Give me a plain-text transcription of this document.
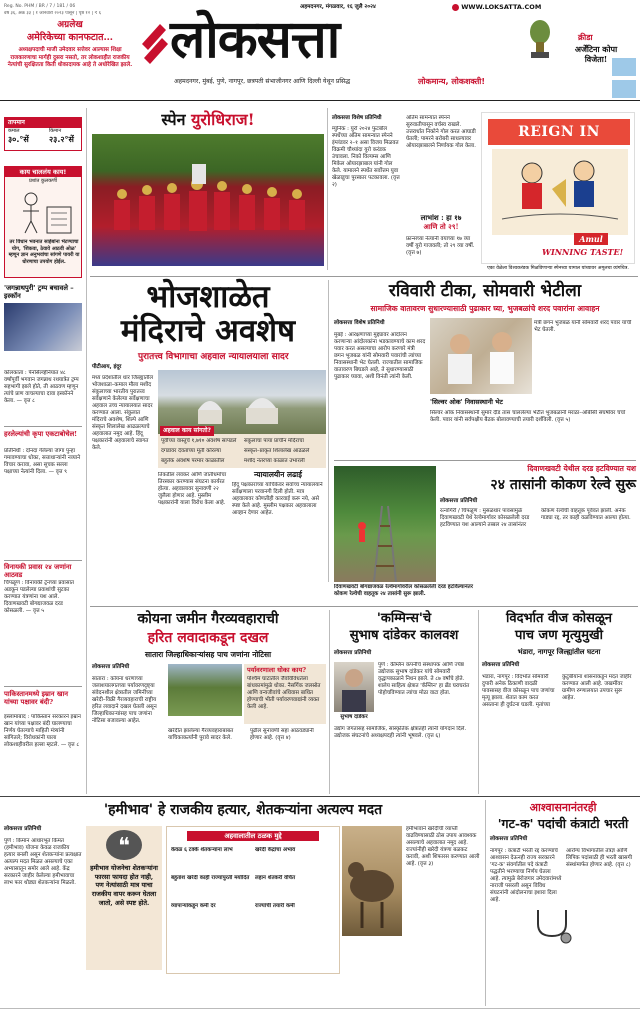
Reg. No. PHM / BR / 7 / 181 / 06
वर्ष ३६, अंक ३३ | १ जानेवारी २०२३ पासून | पृष्ठे १२ | ₹ ६
अग्रलेख
अमेरिकेच्या कानफटात…
अध्यक्षपदाची माजी उमेदवार सत्तेवर आल्यास शिक्षा राजकारणाचा मार्गही दुसरा नसतो, तर लोकशाहीत राजकीय नेत्यांची सुरक्षितता किती धोकादायक आहे ते अधोरेखित झाले.
अहमदनगर, मंगळवार, १६ जुलै २०२४	WWW.LOKSATTA.COM
लोकसत्ता
अहमदनगर, मुंबई, पुणे, नागपूर, छत्रपती संभाजीनगर आणि दिल्ली येथून प्रसिद्ध	लोकमान्य, लोकशक्ती!
क्रीडा
अर्जेंटिना कोपा विजेता!
तापमान
कमाल
३०.°सें
किमान
२३.२°सें
काय चाललंय काय!
प्रशांत कुलकर्णी
तर विधान भवनात साहेबांना भेटण्याचा योग, 'शिकवा, ठेवावे आठवी ओळ' म्हणून ज्ञान अनुभवांचा सांगणे पायरी या धोरणाचा उपयोग होईल.
'जगन्नाथपुरी' ट्रम्प बचावले – इस्कॉन
कोलकाता : पेनसिल्व्हेनियात ४८ वर्षांपूर्वी भगवान जगन्नाथ रथयात्रेत ट्रम्प सहभागी झाले होते, ती आठवण म्हणून त्यांचे प्राण वाचल्याचा दावा इस्कॉनने केला. — वृत्त ८
हरलेल्यांची कृपा एकटाबोचेल!
प्रतिनिधी : दोनदा गेलेल्या जागा पुन्हा गमावण्याचा धोका, सत्ताधाऱ्यांनी नव्याने विचार करावा, असा सूचक सल्ला पक्षाच्या नेत्यांनी दिला. — वृत्त ९
विनायकी प्रवास २४ जणांना आठवड
चिपळूण : विनायकी ट्रेनच्या प्रवासात अडकून पडलेल्या प्रवाशांची सुटका करण्यात यंत्रणांना यश आले. दिवाणखवटी बोगद्याजवळ दरड कोसळली. — वृत्त ५
पाकिस्तानमध्ये इम्रान खान यांच्या पक्षावर बंदी?
इस्लामाबाद : पाकिस्तान सरकारने इम्रान खान यांच्या पक्षावर बंदी घालण्याचा निर्णय घेतल्याचे माहिती मंत्र्यांनी सांगितले; विरोधकांनी याला लोकशाहीवरील हल्ला म्हटले. — वृत्त ८
स्पेन युरोधिराज!	लोकसत्ता विशेष प्रतिनिधी
म्युनिक : युरो २०२४ फुटबॉल स्पर्धेच्या अंतिम सामन्यात स्पेनने इंग्लंडवर २–१ असा विजय मिळवत विक्रमी चौथ्यांदा युरो करंडक उंचावला. निको विल्यम्स आणि मिकेल ओयारझाबाल यांनी गोल केले. यामालने स्पर्धेत सर्वोत्तम युवा खेळाडूचा पुरस्कार पटकावला. (वृत्त २)
अंतिम सामन्यात स्पेनने सुरुवातीपासून वर्चस्व राखले. उत्तरार्धात निकोने गोल करत आघाडी घेतली; पामरने बरोबरी साधल्यावर ओयारझाबालने निर्णायक गोल केला.
लाभांश : हा १७
आणि तो २९!
फ्रान्सच्या नेत्यांनी वयाच्या १७ व्या वर्षी युरो गाजवली; तो २९ व्या वर्षी. (वृत्त ७)
REIGN IN
Amul
WINNING TASTE!
एका वेळेला विश्वकरंडक मिळविणाऱ्या स्पेनच्या यामाल यांच्यावर अमूलचा व्यंगचित्र.
भोजशाळेत
मंदिराचे अवशेष
पुरातत्त्व विभागाचा अहवाल न्यायालयाला सादर
पीटीआय, इंदूर
मध्य प्रदेशातील धार जिल्ह्यातील भोजशाळा–कमाल मौला मशीद संकुलाच्या भारतीय पुरातत्त्व सर्वेक्षणाने केलेल्या सर्वेक्षणाचा अहवाल उच्च न्यायालयात सादर करण्यात आला. संकुलात मंदिराचे अवशेष, शिल्पे आणि संस्कृत शिलालेख आढळल्याचे अहवालात नमूद आहे. हिंदू पक्षकारांनी अहवालाचे स्वागत केले.
अहवाल काय सांगतो?
पूर्वीच्या वास्तूचे १,७१० अवशेष सापडले	संकुलाचा पाया प्राचीन मंदिराचा
दगडांवर देवतांच्या मूर्ती कोरल्या	संस्कृत–प्राकृत शिलालेख आढळले
बहुतेक अवशेष परमार काळातील	मशीद नंतरच्या काळात उभारली
तिकडील लवकर आणि जातीधर्माचा तिरस्कार करण्यास संघटना कार्यरत होत्या. अहवालावर सुनावणी २२ जुलैला होणार आहे. मुस्लीम पक्षकारांनी याला विरोध केला आहे.
न्यायालयीन लढाई
हिंदू पक्षकारांच्या याचिकेवर सर्वोच्च न्यायालयाने सर्वेक्षणाला परवानगी दिली होती. मात्र अहवालावर कोणतीही कारवाई करू नये, असे स्पष्ट केले आहे. मुस्लीम पक्षकार अहवालाला आव्हान देणार आहेत.
रविवारी टीका, सोमवारी भेटीला
सामाजिक वातावरण सुधारण्यासाठी पुढाकार घ्या, भुजबळांचे शरद पवारांना आवाहन
लोकसत्ता विशेष प्रतिनिधी
मुंबई : आरक्षणाच्या मुद्द्यावर आंदोलन करणाऱ्या आंदोलकांना भडकावण्याचे काम शरद पवार करत असल्याचा आरोप करणारे मंत्री छगन भुजबळ यांनी सोमवारी पवारांची त्यांच्या निवासस्थानी भेट घेतली. राज्यातील सामाजिक वातावरण बिघडले आहे, ते सुधारण्यासाठी पुढाकार घ्यावा, अशी विनंती त्यांनी केली.
मंत्री छगन भुजबळ यांनी सोमवारी शरद पवार यांची भेट घेतली.
'सिल्वर ओक' निवासस्थानी भेट
सिल्वर ओक निवासस्थानी सुमारे दीड तास चाललेल्या भेटीत भुजबळांनी मराठा–ओबीसी संघर्षावर चर्चा केली. पवार यांनी सर्वपक्षीय बैठक बोलावण्याची तयारी दर्शविली. (वृत्त ५)
दिवाणखवटी येथील दरड हटविण्यात यश
२४ तासांनी कोकण रेल्वे सुरू
लोकसत्ता प्रतिनिधी
रत्नागिरी / चिपळूण : मुसळधार पावसामुळे दिवाणखवटी येथे रेल्वेमार्गावर कोसळलेली दरड हटविण्यात यश आल्याने तब्बल २४ तासांनंतर कोकण रेल्वेची वाहतूक पूर्ववत झाली. अनेक गाड्या रद्द, तर काही वळविण्यात आल्या होत्या.
दिवाणखवटी बोगद्याजवळ रेल्वेमार्गावरील कोसळलेली दरड हटविल्यानंतर कोकण रेल्वेची वाहतूक २४ तासांनी सुरू झाली.
कोयना जमीन गैरव्यवहाराची
हरित लवादाकडून दखल
सातारा जिल्हाधिकाऱ्यांसह पाच जणांना नोटिसा
लोकसत्ता प्रतिनिधी
सातारा : कोयना धरणाच्या जलाशयालगतच्या पर्यावरणदृष्ट्या संवेदनशील क्षेत्रातील जमिनींच्या खरेदी–विक्री गैरव्यवहाराची राष्ट्रीय हरित लवादाने दखल घेतली असून जिल्हाधिकाऱ्यांसह पाच जणांना नोटिसा बजावल्या आहेत.
पर्यावरणाला धोका काय?
पश्चिम घाटातील जैवविविधतेला बांधकामांमुळे धोका. नैसर्गिक जलस्रोत आणि वन्यजीवांचे अधिवास बाधित होण्याची भीती पर्यावरणवाद्यांनी व्यक्त केली आहे.
खरेदीत झालेल्या गैरव्यवहाराबाबत याचिकाकर्त्यांनी पुरावे सादर केले. पुढील सुनावणी सहा आठवड्यांनी होणार आहे. (वृत्त ४)
'कम्मिन्स'चे
सुभाष दांडेकर कालवश
लोकसत्ता प्रतिनिधी
सुभाष दांडेकर
पुणे : कॅम्लिन कंपनीचे संस्थापक आणि ज्येष्ठ उद्योजक सुभाष दांडेकर यांचे सोमवारी वृद्धापकाळाने निधन झाले. ते ८७ वर्षांचे होते. शालेय साहित्य क्षेत्रात 'कॅम्लिन' हा ब्रँड घराघरांत पोहोचविण्यात त्यांचा मोठा वाटा होता.
उद्योग जगतासह सामाजिक, सांस्कृतिक क्षेत्रातही त्यांनी योगदान दिले. उद्योजक संघटनांचे अध्यक्षपदही त्यांनी भूषवले. (वृत्त ६)
विदर्भात वीज कोसळून
पाच जण मृत्युमुखी
भंडारा, नागपूर जिल्ह्यांतील घटना
लोकसत्ता प्रतिनिधी
भंडारा, नागपूर : विदर्भात सोमवारी दुपारी अनेक ठिकाणी वादळी पावसासह वीज कोसळून पाच जणांचा मृत्यू झाला. शेतात काम करत असताना ही दुर्घटना घडली. मृतांच्या कुटुंबीयांना शासनाकडून मदत जाहीर करण्यात आली आहे. जखमींवर ग्रामीण रुग्णालयात उपचार सुरू आहेत.
'हमीभाव' हे राजकीय हत्यार, शेतकऱ्यांना अत्यल्प मदत
लोकसत्ता प्रतिनिधी
पुणे : किमान आधारभूत किंमत (हमीभाव) योजना केवळ राजकीय हत्यार बनली असून शेतकऱ्यांना प्रत्यक्षात अत्यल्प मदत मिळत असल्याचे एका अभ्यासातून समोर आले आहे. केंद्र सरकारने जाहीर केलेल्या हमीभावाचा लाभ फार थोड्या शेतकऱ्यांना मिळतो.
❝
हमीभाव योजनेचा शेतकऱ्यांना फारसा फायदा होत नाही, पण नेत्यांसाठी मात्र याचा राजकीय वापर करून घेतला जातो, असे स्पष्ट होते.
अहवालातील ठळक मुद्दे
केवळ ६ टक्के शेतकऱ्यांना लाभ	खरेदी केंद्रांचा अभाव
बहुतांश खरेदी काही राज्यांपुरती मर्यादित	लहान शेतकरी वंचित
व्यापाऱ्यांकडून कमी दर	राज्यांची तयारी कमी
हमीभावाने खरेदीची व्याप्ती वाढविण्यासाठी ठोस उपाय आवश्यक असल्याचे अहवालात नमूद आहे. राज्यांनीही खरेदी यंत्रणा बळकट करावी, अशी शिफारस करण्यात आली आहे. (वृत्त ३)
आश्वासनानंतरही
'गट-क' पदांची कंत्राटी भरती
लोकसत्ता प्रतिनिधी
नागपूर : कंत्राटी भरती रद्द करण्याचे आश्वासन देऊनही राज्य सरकारने 'गट-क' संवर्गातील पदे कंत्राटी पद्धतीने भरण्याचा निर्णय घेतला आहे. त्यामुळे बेरोजगार उमेदवारांमध्ये नाराजी पसरली असून विविध संघटनांनी आंदोलनाचा इशारा दिला आहे.
आरोग्य विभागातील तंत्रज्ञ आणि लिपिक पदांसाठी ही भरती खासगी संस्थांमार्फत होणार आहे. (वृत्त ८)
